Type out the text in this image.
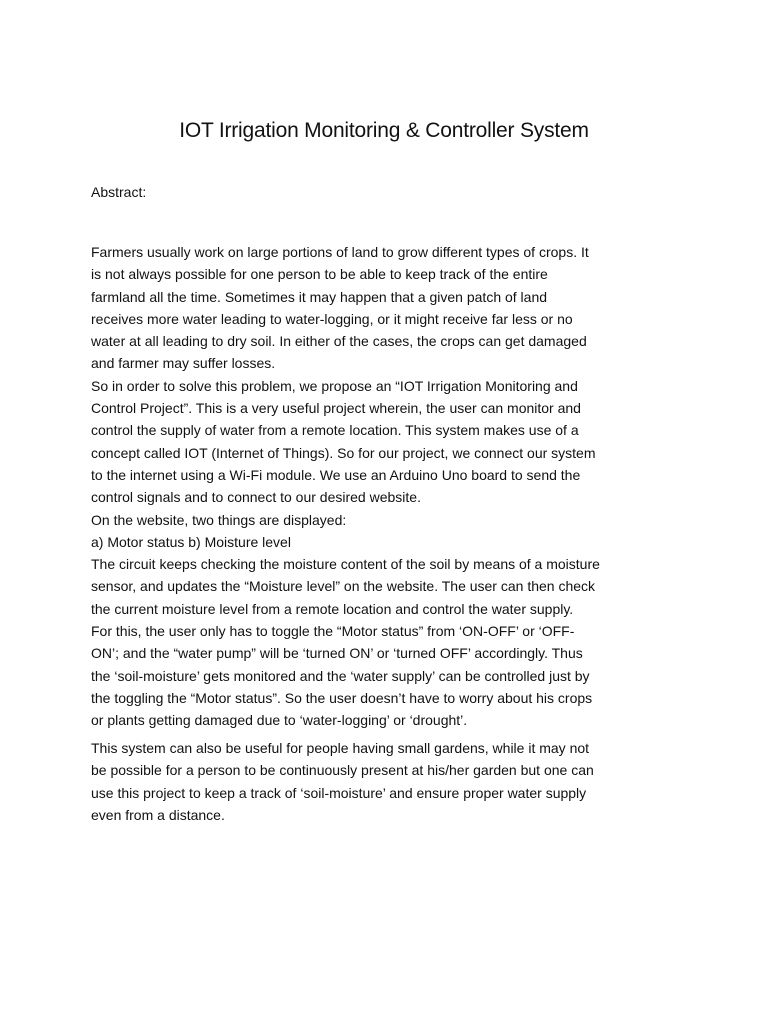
IOT Irrigation Monitoring & Controller System

Abstract:

Farmers usually work on large portions of land to grow different types of crops. It
is not always possible for one person to be able to keep track of the entire
farmland all the time. Sometimes it may happen that a given patch of land
receives more water leading to water-logging, or it might receive far less or no
water at all leading to dry soil. In either of the cases, the crops can get damaged
and farmer may suffer losses.
So in order to solve this problem, we propose an “IOT Irrigation Monitoring and
Control Project”. This is a very useful project wherein, the user can monitor and
control the supply of water from a remote location. This system makes use of a
concept called IOT (Internet of Things). So for our project, we connect our system
to the internet using a Wi-Fi module. We use an Arduino Uno board to send the
control signals and to connect to our desired website.
On the website, two things are displayed:
a) Motor status b) Moisture level
The circuit keeps checking the moisture content of the soil by means of a moisture
sensor, and updates the “Moisture level” on the website. The user can then check
the current moisture level from a remote location and control the water supply.
For this, the user only has to toggle the “Motor status” from ‘ON-OFF’ or ‘OFF-
ON’; and the “water pump” will be ‘turned ON’ or ‘turned OFF’ accordingly. Thus
the ‘soil-moisture’ gets monitored and the ‘water supply’ can be controlled just by
the toggling the “Motor status”. So the user doesn’t have to worry about his crops
or plants getting damaged due to ‘water-logging’ or ‘drought’.

This system can also be useful for people having small gardens, while it may not
be possible for a person to be continuously present at his/her garden but one can
use this project to keep a track of ‘soil-moisture’ and ensure proper water supply
even from a distance.
